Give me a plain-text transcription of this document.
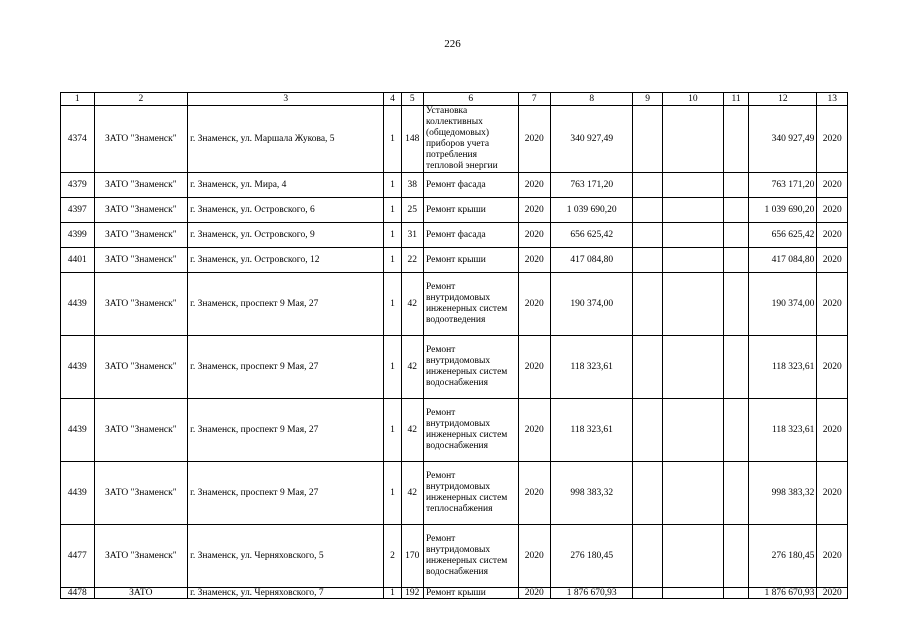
226
1	2	3	4	5	6	7	8	9	10	11	12	13
4374	ЗАТО "Знаменск"	г. Знаменск, ул. Маршала Жукова, 5	1	148	Установка коллективных (общедомовых) приборов учета потребления тепловой энергии	2020	340 927,49				340 927,49	2020
4379	ЗАТО "Знаменск"	г. Знаменск, ул. Мира, 4	1	38	Ремонт фасада	2020	763 171,20				763 171,20	2020
4397	ЗАТО "Знаменск"	г. Знаменск, ул. Островского, 6	1	25	Ремонт крыши	2020	1 039 690,20				1 039 690,20	2020
4399	ЗАТО "Знаменск"	г. Знаменск, ул. Островского, 9	1	31	Ремонт фасада	2020	656 625,42				656 625,42	2020
4401	ЗАТО "Знаменск"	г. Знаменск, ул. Островского, 12	1	22	Ремонт крыши	2020	417 084,80				417 084,80	2020
4439	ЗАТО "Знаменск"	г. Знаменск, проспект 9 Мая, 27	1	42	Ремонт внутридомовых инженерных систем водоотведения	2020	190 374,00				190 374,00	2020
4439	ЗАТО "Знаменск"	г. Знаменск, проспект 9 Мая, 27	1	42	Ремонт внутридомовых инженерных систем водоснабжения	2020	118 323,61				118 323,61	2020
4439	ЗАТО "Знаменск"	г. Знаменск, проспект 9 Мая, 27	1	42	Ремонт внутридомовых инженерных систем водоснабжения	2020	118 323,61				118 323,61	2020
4439	ЗАТО "Знаменск"	г. Знаменск, проспект 9 Мая, 27	1	42	Ремонт внутридомовых инженерных систем теплоснабжения	2020	998 383,32				998 383,32	2020
4477	ЗАТО "Знаменск"	г. Знаменск, ул. Черняховского, 5	2	170	Ремонт внутридомовых инженерных систем водоснабжения	2020	276 180,45				276 180,45	2020
4478	ЗАТО	г. Знаменск, ул. Черняховского, 7	1	192	Ремонт крыши	2020	1 876 670,93				1 876 670,93	2020
